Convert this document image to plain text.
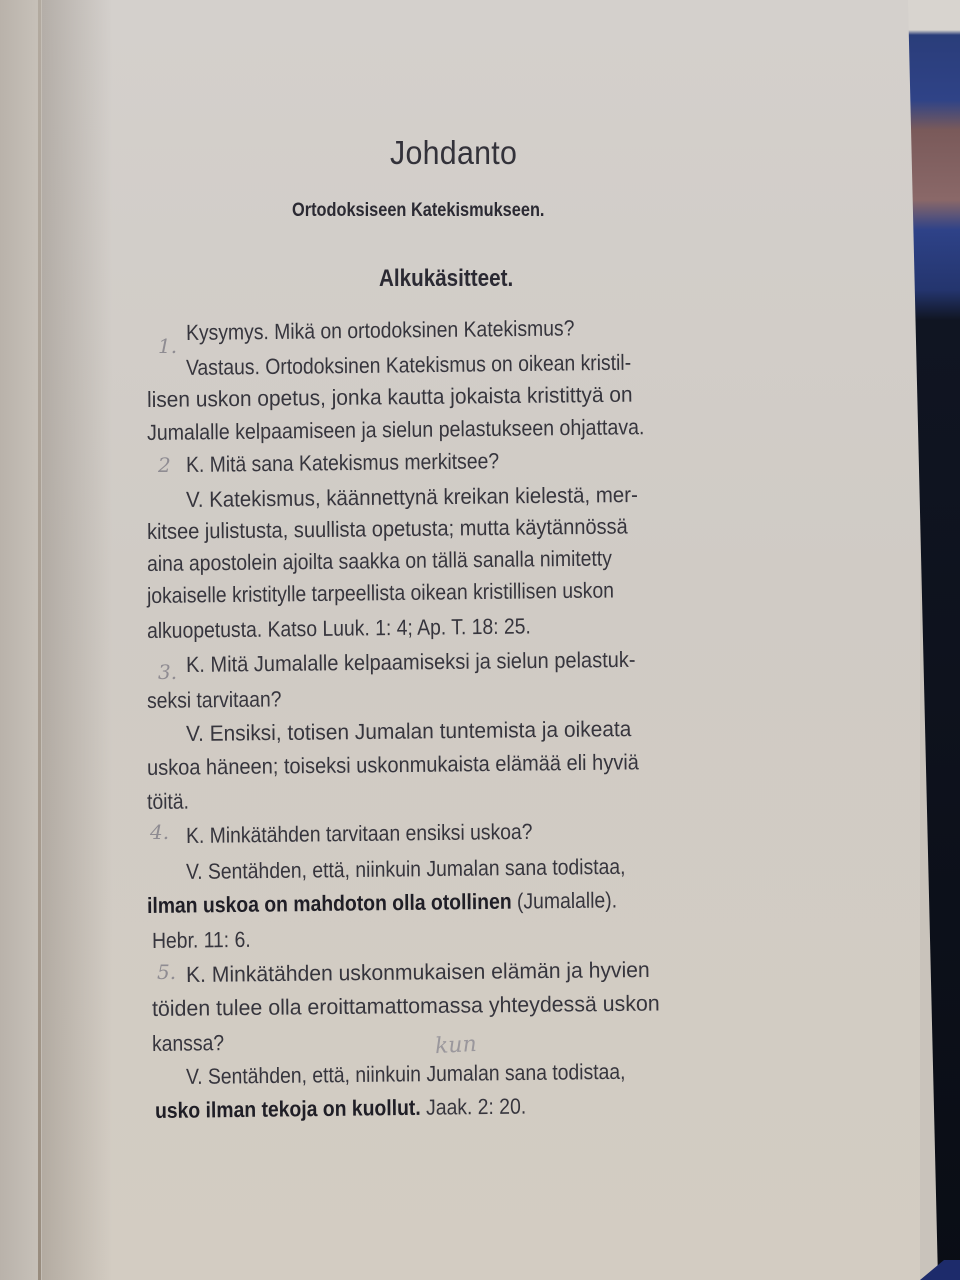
Johdanto
Ortodoksiseen Katekismukseen.
Alkukäsitteet.
1.
2
3.
4.
5.
kun
Kysymys. Mikä on ortodoksinen Katekismus?
Vastaus. Ortodoksinen Katekismus on oikean kristil-
lisen uskon opetus, jonka kautta jokaista kristittyä on
Jumalalle kelpaamiseen ja sielun pelastukseen ohjattava.
K. Mitä sana Katekismus merkitsee?
V. Katekismus, käännettynä kreikan kielestä, mer-
kitsee julistusta, suullista opetusta; mutta käytännössä
aina apostolein ajoilta saakka on tällä sanalla nimitetty
jokaiselle kristitylle tarpeellista oikean kristillisen uskon
alkuopetusta. Katso Luuk. 1: 4; Ap. T. 18: 25.
K. Mitä Jumalalle kelpaamiseksi ja sielun pelastuk-
seksi tarvitaan?
V. Ensiksi, totisen Jumalan tuntemista ja oikeata
uskoa häneen; toiseksi uskonmukaista elämää eli hyviä
töitä.
K. Minkätähden tarvitaan ensiksi uskoa?
V. Sentähden, että, niinkuin Jumalan sana todistaa,
ilman uskoa on mahdoton olla otollinen (Jumalalle).
Hebr. 11: 6.
K. Minkätähden uskonmukaisen elämän ja hyvien
töiden tulee olla eroittamattomassa yhteydessä uskon
kanssa?
V. Sentähden, että, niinkuin Jumalan sana todistaa,
usko ilman tekoja on kuollut. Jaak. 2: 20.
